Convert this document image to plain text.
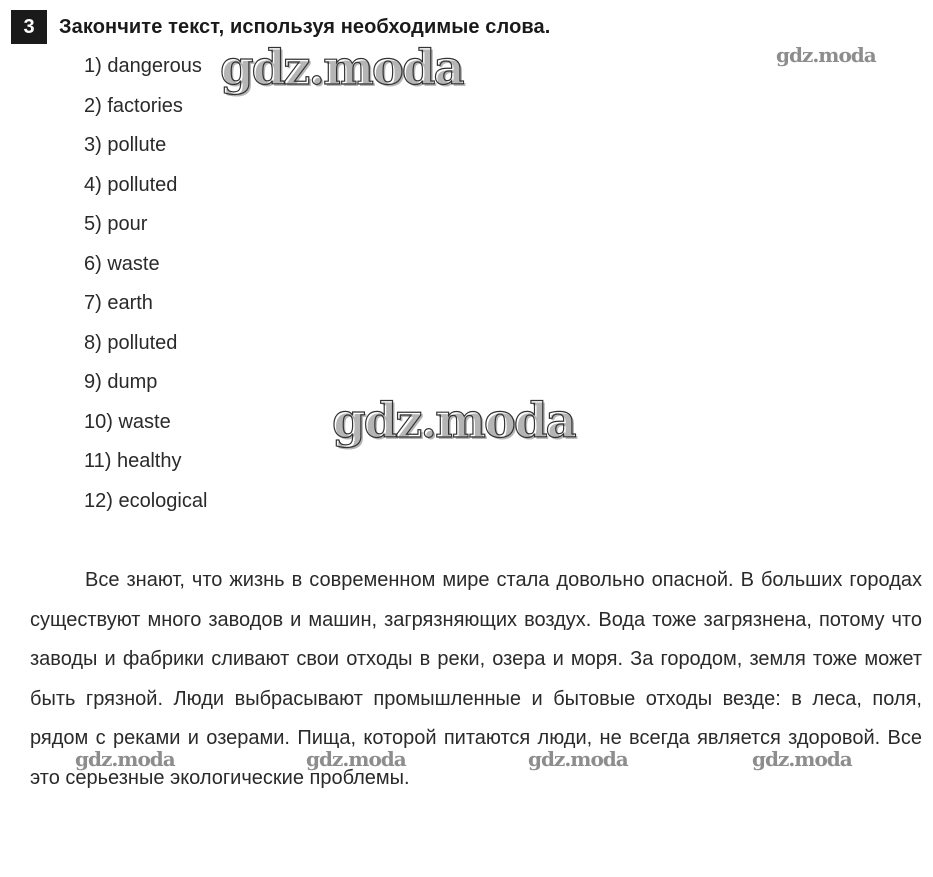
3	Закончите текст, используя необходимые слова.
1) dangerous
2) factories
3) pollute
4) polluted
5) pour
6) waste
7) earth
8) polluted
9) dump
10) waste
11) healthy
12) ecological

Все знают, что жизнь в современном мире стала довольно опасной. В больших городах существуют много заводов и машин, загрязняющих воздух. Вода тоже загрязнена, потому что заводы и фабрики сливают свои отходы в реки, озера и моря. За городом, земля тоже может быть грязной. Люди выбрасывают промышленные и бытовые отходы везде: в леса, поля, рядом с реками и озерами. Пища, которой питаются люди, не всегда является здоровой. Все это серьезные экологические проблемы.

gdz.moda	gdz.moda
gdz.moda
gdz.moda	gdz.moda	gdz.moda	gdz.moda
